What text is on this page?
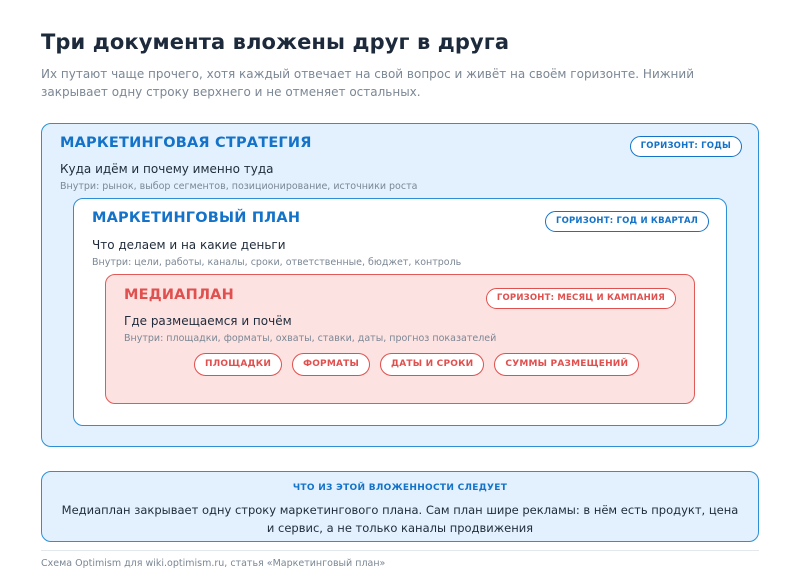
Три документа вложены друг в друга
Их путают чаще прочего, хотя каждый отвечает на свой вопрос и живёт на своём горизонте. Нижний закрывает одну строку верхнего и не отменяет остальных.
МАРКЕТИНГОВАЯ СТРАТЕГИЯ	ГОРИЗОНТ: ГОДЫ
Куда идём и почему именно туда
Внутри: рынок, выбор сегментов, позиционирование, источники роста
МАРКЕТИНГОВЫЙ ПЛАН	ГОРИЗОНТ: ГОД И КВАРТАЛ
Что делаем и на какие деньги
Внутри: цели, работы, каналы, сроки, ответственные, бюджет, контроль
МЕДИАПЛАН	ГОРИЗОНТ: МЕСЯЦ И КАМПАНИЯ
Где размещаемся и почём
Внутри: площадки, форматы, охваты, ставки, даты, прогноз показателей
ПЛОЩАДКИ	ФОРМАТЫ	ДАТЫ И СРОКИ	СУММЫ РАЗМЕЩЕНИЙ
ЧТО ИЗ ЭТОЙ ВЛОЖЕННОСТИ СЛЕДУЕТ
Медиаплан закрывает одну строку маркетингового плана. Сам план шире рекламы: в нём есть продукт, цена и сервис, а не только каналы продвижения
Схема Optimism для wiki.optimism.ru, статья «Маркетинговый план»
